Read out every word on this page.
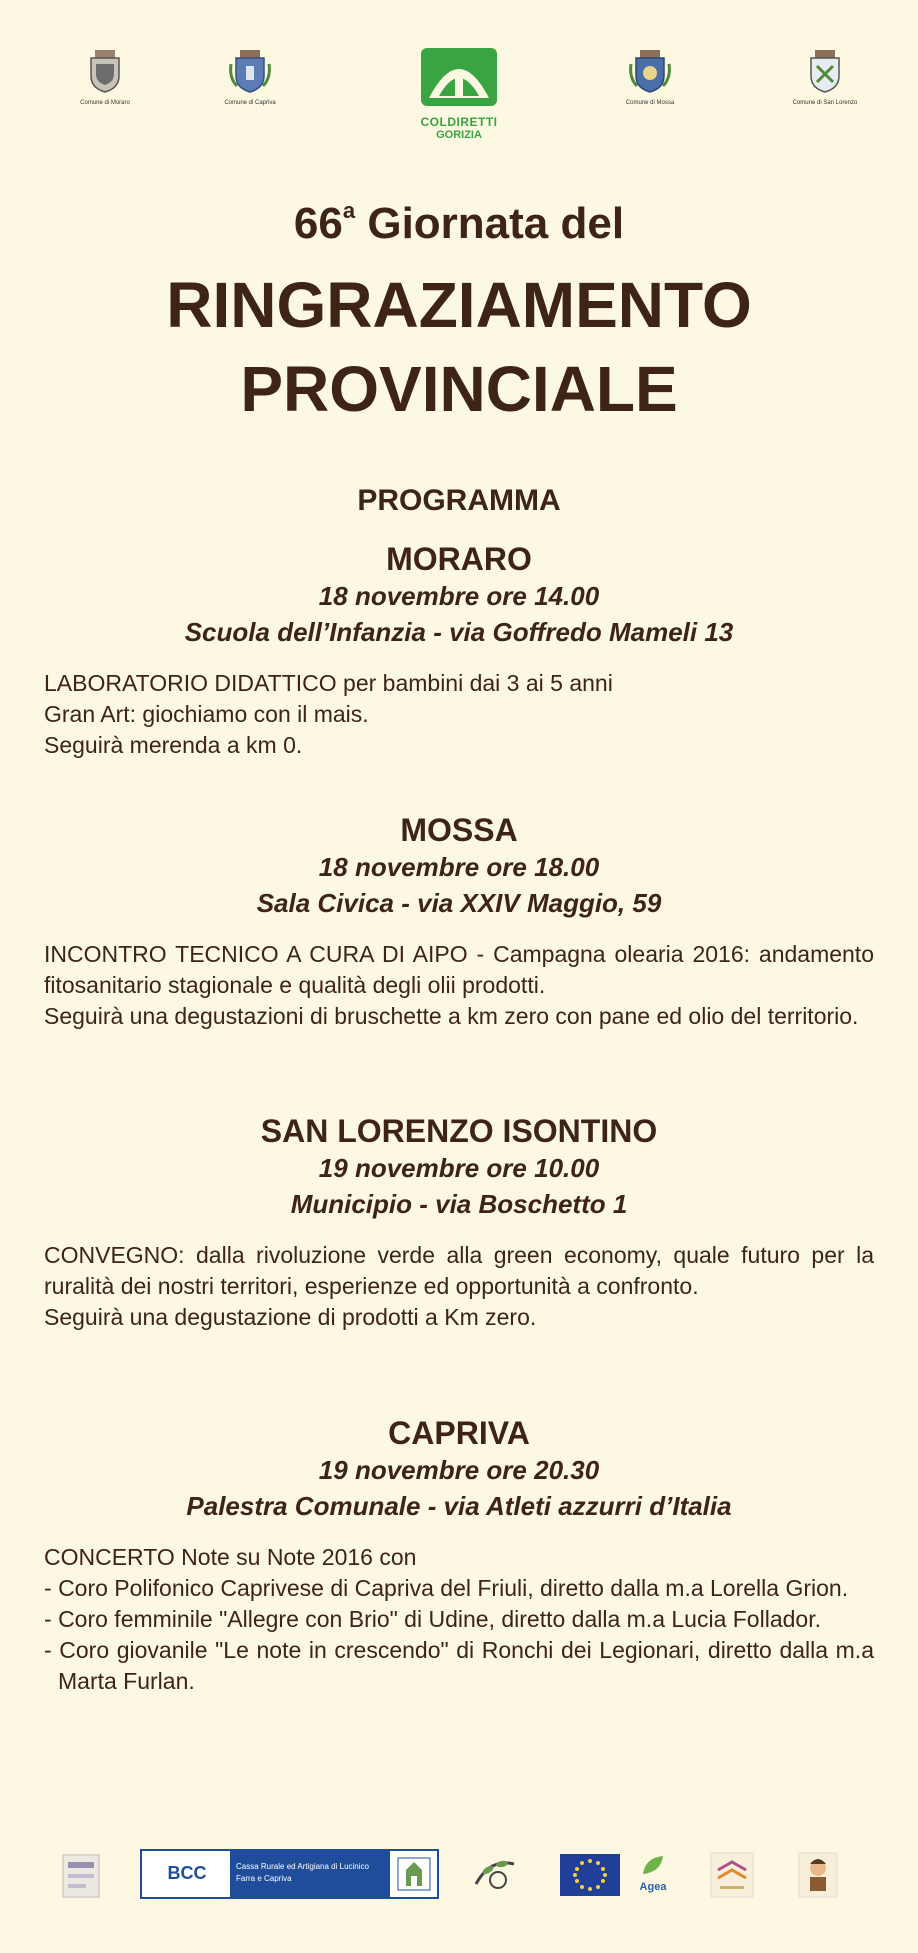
Comune di Moraro	Comune di Capriva
COLDIRETTI
GORIZIA
Comune di Mossa	Comune di San Lorenzo
66$^a$ Giornata del
RINGRAZIAMENTO
PROVINCIALE
PROGRAMMA
MORARO
18 novembre ore 14.00
Scuola dell’Infanzia - via Goffredo Mameli 13

LABORATORIO DIDATTICO per bambini dai 3 ai 5 anni

Gran Art: giochiamo con il mais.

Seguirà merenda a km 0.

MOSSA
18 novembre ore 18.00
Sala Civica - via XXIV Maggio, 59

INCONTRO TECNICO A CURA DI AIPO - Campagna olearia 2016: andamento fitosanitario stagionale e qualità degli olii prodotti.

Seguirà una degustazioni di bruschette a km zero con pane ed olio del territorio.

SAN LORENZO ISONTINO
19 novembre ore 10.00
Municipio - via Boschetto 1

CONVEGNO: dalla rivoluzione verde alla green economy, quale futuro per la ruralità dei nostri territori, esperienze ed opportunità a confronto.

Seguirà una degustazione di prodotti a Km zero.

CAPRIVA
19 novembre ore 20.30
Palestra Comunale - via Atleti azzurri d’Italia

CONCERTO Note su Note 2016 con

- Coro Polifonico Caprivese di Capriva del Friuli, diretto dalla m.a Lorella Grion.
- Coro femminile "Allegre con Brio" di Udine, diretto dalla m.a Lucia Follador.
- Coro giovanile "Le note in crescendo" di Ronchi dei Legionari, diretto dalla m.a Marta Furlan.
BCC	Cassa Rurale ed Artigiana di Lucinico Farra e Capriva
Agea
